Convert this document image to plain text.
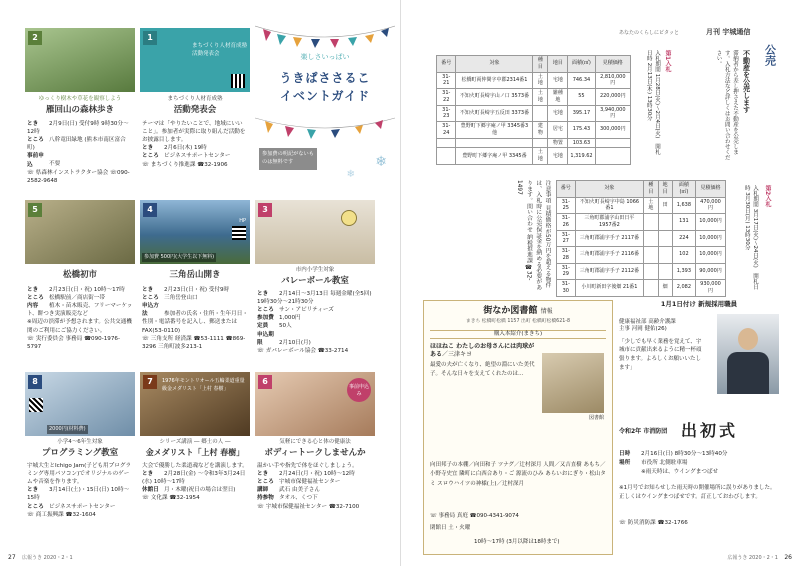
2
ゆっくり樹木や草花を観察しよう
雁回山の森林歩き
とき 2月9日(日) 受付9時 9時30分～12時
ところ 八幹竜田緑地 (熊本市南区富合町)
事前申込	不要
☏ 県森林インストラクター協会 ☏090-2582-9648
1
まちづくり人材育成塾活動発表会
まちづくり人材育成塾
活動発表会
テーマは「やりたいことで、地域にいいこと」。参加者が実際に取り組んだ活動をお披露目します。
とき 2月6日(木) 19時
ところ ビジネスサポートセンター
☏ まちづくり推進課 ☎32-1906
楽しさいっぱい
うきぱささるこ
イベントガイド
参加費の明記がないものは無料です	❄
❄
5
松橋初市
とき 2月23日(日・祝) 10時～17時
ところ 松橋駅前／商店街一帯
内容 植木・苗木販売、フリーマーケット、餅つき実演販売など
※周辺の渋滞が予想されます。公共交通機関のご利用にご協力ください。
☏ 実行委員会 事務局 ☎090-1976-5797
4
HP
参加費 500円(大学生以下無料)
三角岳山開き
とき 2月23日(日・祝) 受付9時
ところ 三角岳登山口
申込方法	参加者の氏名・住所・生年月日・性別・電話番号を記入し、郵送またはFAX(53-0110)
☏ 三角支所 経済課 ☎53-1111 ☎869-3296 三角町波多213-1
3
市内小学生対象
バレーボール教室
とき 2月14日～3月13日 毎週金曜(全5回) 19時30分～21時30分
ところ サン・アビリティーズ
参加費 1,000円
定員 50人
申込期限	2月10日(月)
☏ ガバレーボール協会 ☎33-2714
8
2000円(材料費)
小学4～6年生対象
プログラミング教室
宇城大生とIchigo Jam(子ども用プログラミング専用パソコン)でオリジナルのゲームや音楽を作ります。
とき 3月14日(土)・15日(日) 10時～15時
ところ ビジネスサポートセンター
☏ 商工振興課 ☎32-1604
7	1976年モントリオール五輪柔道重量級金メダリスト「上村 春樹」
シリーズ講演 ― 郷土の人 ―
金メダリスト「上村 春樹」
大会で優勝した柔道魂などを講演します。
とき 2月28日(金) ～令和3年3月24日(水) 10時～17時
休館日 月・木曜(祝日の場合は翌日)
☏ 文化課 ☎32-1954
6
事前申込み
気軽にできる心と体の健康法
ボディートークしませんか
温かい手や指先で体をほぐしましょう。
とき 2月24日(月・祝) 10時～12時
ところ 宇城市保健福祉センター
講師 武石 由美子さん
持参物 タオル、くつ下
☏ 宇城市保健福祉センター ☎32-7100
27 広報うき 2020・2・1
あなたのくらしにピタッと	月刊 宇城通信
公売
不動産を公売します
滞納者から差し押さえた不動産を公売します。入札方法など詳しくはお問い合わせください。
第1入札
入札期間 1月28日(火)～2月4日(火)　開札日時 2月13日(木) 13時30分
番号	対象	種目	地目	面積(㎡)	見積価格
31-21	松橋町両仲間字中郡2314番1	土地	宅地	746.34	2,810,000円
31-22	不知火町長崎字山ノ口 3573番	土地	雑種地	55	220,000円
31-23	不知火町長崎字五反田 3373番		宅地	395.17	3,940,000円
31-24	豊野町下郷字庵ノ甲 3345番3他	建物	居宅	175.43	300,000円
			物置	103.63	
	豊野町下郷字庵ノ甲 3345番	土地	宅地	1,319.62	
第2入札
入札期間 3月17日(火)～24日(火)　開札日時 3月30日(月) 13時30分
番号	対象	種目	地目	面積(㎡)	見積価格
31-25	不知火町長崎字中島 1066番1	土地	田	1,638	470,000円
31-26	三角町郡浦字山田日平 1957番2			131	10,000円
31-27	三角町郡浦字手子 2117番			224	10,000円
31-28	三角町郡浦字手子 2116番			102	10,000円
31-29	三角町郡浦字手子 2112番			1,393	90,000円
31-30	小川町新田字後畑 21番1		畑	2,082	930,000円
注意事項 見積価格が50万円を超える物件は、入札時に公売保証金を納める必要があります。問い合わせ 納税推進課 ☎32-1497
街なか図書館 情報
まきち 松橋町松橋 1157 出町 松橋町松橋621-8
購入本紹介(まきち)
ほほねこ わたしのお母さんには肉球がある／三津キヨ
最愛の夫が亡くなり、絶望の淵にいた美代子。そんな日々を支えてくれたのは…
図書館
向田邦子の本棚／向田和子 ツナグ／辻村深月 人間／又吉直樹 あもち／小野寺史宜 隣町に白西合あり・ご 源流のひみ あらいおにぎり・松山タミ スロウハイツの神様(上)／辻村深月
☏ 事務局 真庭 ☎090-4341-9074
閉館日 土・火曜
10時～17時 (3月以降は18時まで)
1月1日付け 新規採用職員
健康福祉部 高齢介護課
主事 河岡 健佑(26)
「少しでも早く業務を覚えて、宇城市に貢献出来るように精一杯頑張ります。よろしくお願いいたします」
令和2年 市消防団 出初式
日時 2月16日(日) 8時30分～13時40分
場所 市役所 北側駐車場
※雨天時は、ウイングまつばせ
※1月号でお知らせした雨天時の開催場所に誤りがありました。正しくはウイングまつばせです。訂正しておわびします。
☏ 防災消防課 ☎32-1766
広報うき 2020・2・1 26
